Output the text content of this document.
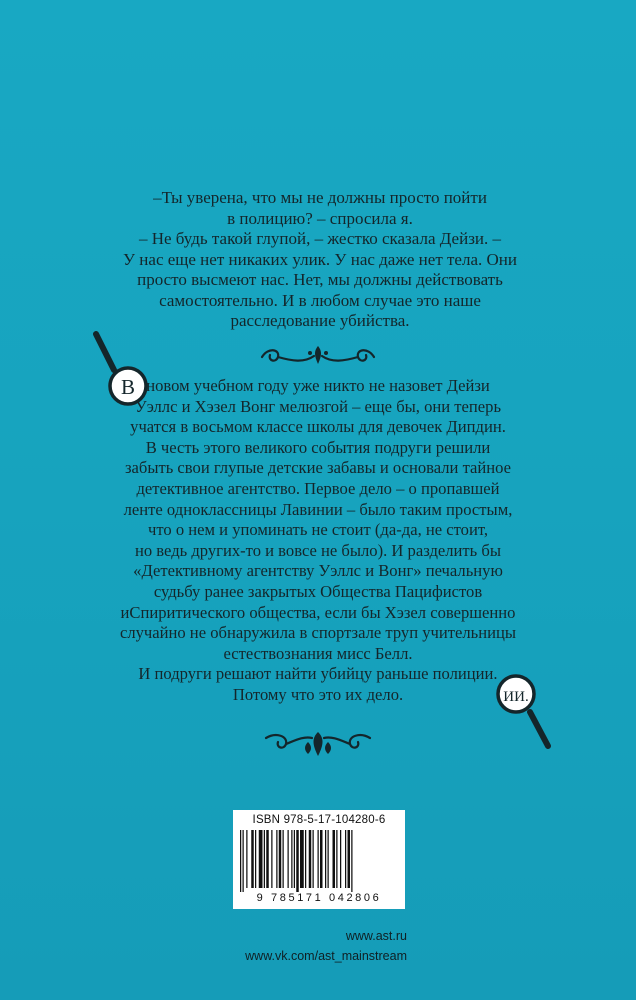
–Ты уверена, что мы не должны просто пойти
в полицию? – спросила я.
– Не будь такой глупой, – жестко сказала Дейзи. –
У нас еще нет никаких улик. У нас даже нет тела. Они
просто высмеют нас. Нет, мы должны действовать
самостоятельно. И в любом случае это наше
расследование убийства.
В новом учебном году уже никто не назовет Дейзи
Уэллс и Хэзел Вонг мелюзгой – еще бы, они теперь
учатся в восьмом классе школы для девочек Дипдин.
В честь этого великого события подруги решили
забыть свои глупые детские забавы и основали тайное
детективное агентство. Первое дело – о пропавшей
ленте одноклассницы Лавинии – было таким простым,
что о нем и упоминать не стоит (да-да, не стоит,
но ведь других-то и вовсе не было). И разделить бы
«Детективному агентству Уэллс и Вонг» печальную
судьбу ранее закрытых Общества Пацифистов
иСпиритического общества, если бы Хэзел совершенно
случайно не обнаружила в спортзале труп учительницы
естествознания мисс Белл.
И подруги решают найти убийцу раньше полиции.
Потому что это их дело.	ИИ.
ISBN 978-5-17-104280-6
9 785171 042806
www.ast.ru
www.vk.com/ast_mainstream
